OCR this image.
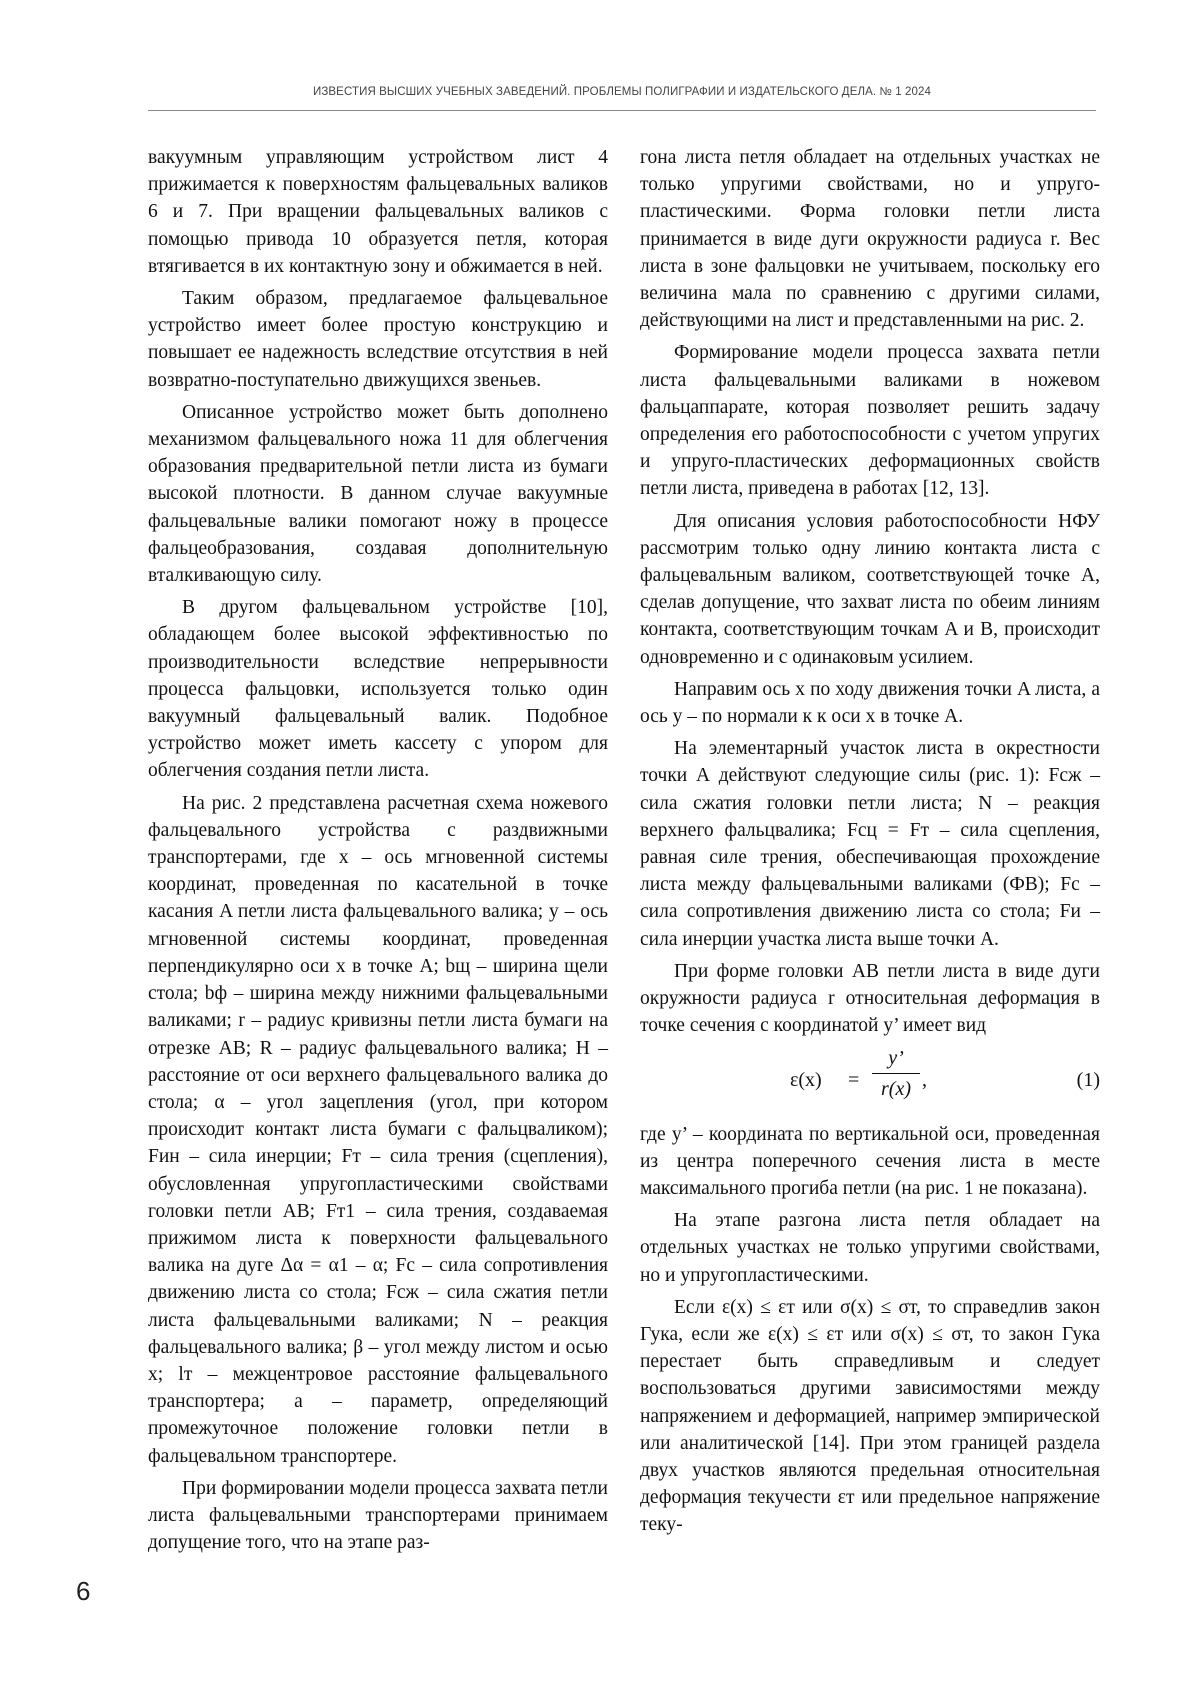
ИЗВЕСТИЯ ВЫСШИХ УЧЕБНЫХ ЗАВЕДЕНИЙ. ПРОБЛЕМЫ ПОЛИГРАФИИ И ИЗДАТЕЛЬСКОГО ДЕЛА. № 1 2024

вакуумным управляющим устройством лист 4 прижимается к поверхностям фальцевальных валиков 6 и 7. При вращении фальцевальных валиков с помощью привода 10 образуется петля, которая втягивается в их контактную зону и обжимается в ней.

Таким образом, предлагаемое фальцевальное устройство имеет более простую конструкцию и повышает ее надежность вследствие отсутствия в ней возвратно-поступательно движущихся звеньев.

Описанное устройство может быть дополнено механизмом фальцевального ножа 11 для облегчения образования предварительной петли листа из бумаги высокой плотности. В данном случае вакуумные фальцевальные валики помогают ножу в процессе фальцеобразования, создавая дополнительную вталкивающую силу.

В другом фальцевальном устройстве [10], обладающем более высокой эффективностью по производительности вследствие непрерывности процесса фальцовки, используется только один вакуумный фальцевальный валик. Подобное устройство может иметь кассету с упором для облегчения создания петли листа.

На рис. 2 представлена расчетная схема ножевого фальцевального устройства с раздвижными транспортерами, где x – ось мгновенной системы координат, проведенная по касательной в точке касания A петли листа фальцевального валика; y – ось мгновенной системы координат, проведенная перпендикулярно оси x в точке A; bщ – ширина щели стола; bф – ширина между нижними фальцевальными валиками; r – радиус кривизны петли листа бумаги на отрезке АВ; R – радиус фальцевального валика; H – расстояние от оси верхнего фальцевального валика до стола; α – угол зацепления (угол, при котором происходит контакт листа бумаги с фальцваликом); Fин – сила инерции; Fт – сила трения (сцепления), обусловленная упругопластическими свойствами головки петли AB; Fт1 – сила трения, создаваемая прижимом листа к поверхности фальцевального валика на дуге Δα = α1 – α; Fс – сила сопротивления движению листа со стола; Fсж – сила сжатия петли листа фальцевальными валиками; N – реакция фальцевального валика; β – угол между листом и осью x; lт – межцентровое расстояние фальцевального транспортера; a – параметр, определяющий промежуточное положение головки петли в фальцевальном транспортере.

При формировании модели процесса захвата петли листа фальцевальными транспортерами принимаем допущение того, что на этапе раз-

гона листа петля обладает на отдельных участках не только упругими свойствами, но и упруго-пластическими. Форма головки петли листа принимается в виде дуги окружности радиуса r. Вес листа в зоне фальцовки не учитываем, поскольку его величина мала по сравнению с другими силами, действующими на лист и представленными на рис. 2.

Формирование модели процесса захвата петли листа фальцевальными валиками в ножевом фальцаппарате, которая позволяет решить задачу определения его работоспособности с учетом упругих и упруго-пластических деформационных свойств петли листа, приведена в работах [12, 13].

Для описания условия работоспособности НФУ рассмотрим только одну линию контакта листа с фальцевальным валиком, соответствующей точке А, сделав допущение, что захват листа по обеим линиям контакта, соответствующим точкам A и B, происходит одновременно и с одинаковым усилием.

Направим ось x по ходу движения точки A листа, а ось y – по нормали к к оси x в точке A.

На элементарный участок листа в окрестности точки А действуют следующие силы (рис. 1): Fсж – сила сжатия головки петли листа; N – реакция верхнего фальцвалика; Fсц = Fт – сила сцепления, равная силе трения, обеспечивающая прохождение листа между фальцевальными валиками (ФВ); Fс – сила сопротивления движению листа со стола; Fи – сила инерции участка листа выше точки А.

При форме головки AB петли листа в виде дуги окружности радиуса r относительная деформация в точке сечения с координатой y’ имеет вид

ε(x) =
y’
r(x) ,	(1)

где y’ – координата по вертикальной оси, проведенная из центра поперечного сечения листа в месте максимального прогиба петли (на рис. 1 не показана).

На этапе разгона листа петля обладает на отдельных участках не только упругими свойствами, но и упругопластическими.

Если ε(x) ≤ εт или σ(x) ≤ σт, то справедлив закон Гука, если же ε(x) ≤ εт или σ(x) ≤ σт, то закон Гука перестает быть справедливым и следует воспользоваться другими зависимостями между напряжением и деформацией, например эмпирической или аналитической [14]. При этом границей раздела двух участков являются предельная относительная деформация текучести εт или предельное напряжение теку-

6
